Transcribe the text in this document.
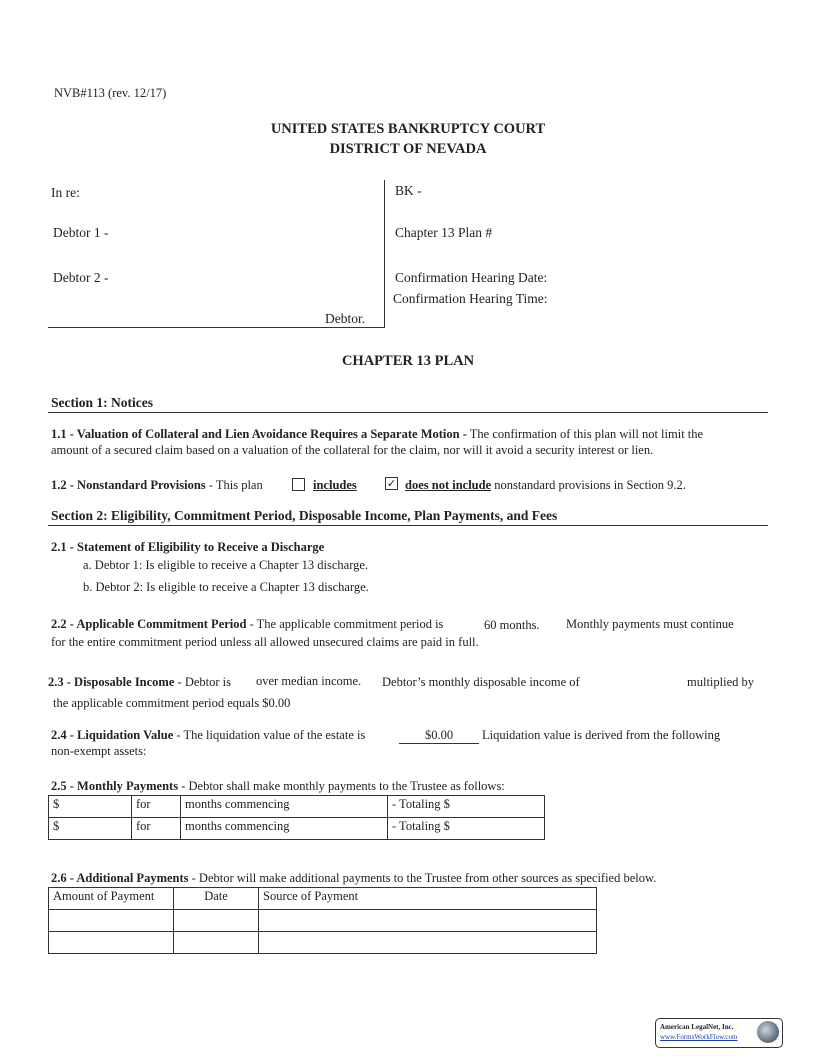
NVB#113 (rev. 12/17)
UNITED STATES BANKRUPTCY COURT
DISTRICT OF NEVADA
In re:
Debtor 1 -
Debtor 2 -
Debtor.
BK -
Chapter 13 Plan #
Confirmation Hearing Date:
Confirmation Hearing Time:
CHAPTER 13 PLAN
Section 1: Notices
1.1 - Valuation of Collateral and Lien Avoidance Requires a Separate Motion - The confirmation of this plan will not limit the
amount of a secured claim based on a valuation of the collateral for the claim, nor will it avoid a security interest or lien.
1.2 - Nonstandard Provisions - This plan	includes	✓ does not include nonstandard provisions in Section 9.2.
Section 2: Eligibility, Commitment Period, Disposable Income, Plan Payments, and Fees
2.1 - Statement of Eligibility to Receive a Discharge
a. Debtor 1: Is eligible to receive a Chapter 13 discharge.
b. Debtor 2: Is eligible to receive a Chapter 13 discharge.
2.2 - Applicable Commitment Period - The applicable commitment period is	60 months. Monthly payments must continue
for the entire commitment period unless all allowed unsecured claims are paid in full.
2.3 - Disposable Income - Debtor is over median income. Debtor’s monthly disposable income of	multiplied by
the applicable commitment period equals $0.00
2.4 - Liquidation Value - The liquidation value of the estate is	$0.00	Liquidation value is derived from the following
non-exempt assets:
2.5 - Monthly Payments - Debtor shall make monthly payments to the Trustee as follows:
$	for	months commencing	- Totaling $
$	for	months commencing	- Totaling $
2.6 - Additional Payments - Debtor will make additional payments to the Trustee from other sources as specified below.
Amount of Payment	Date	Source of Payment

American LegalNet, Inc.
www.FormsWorkFlow.com
